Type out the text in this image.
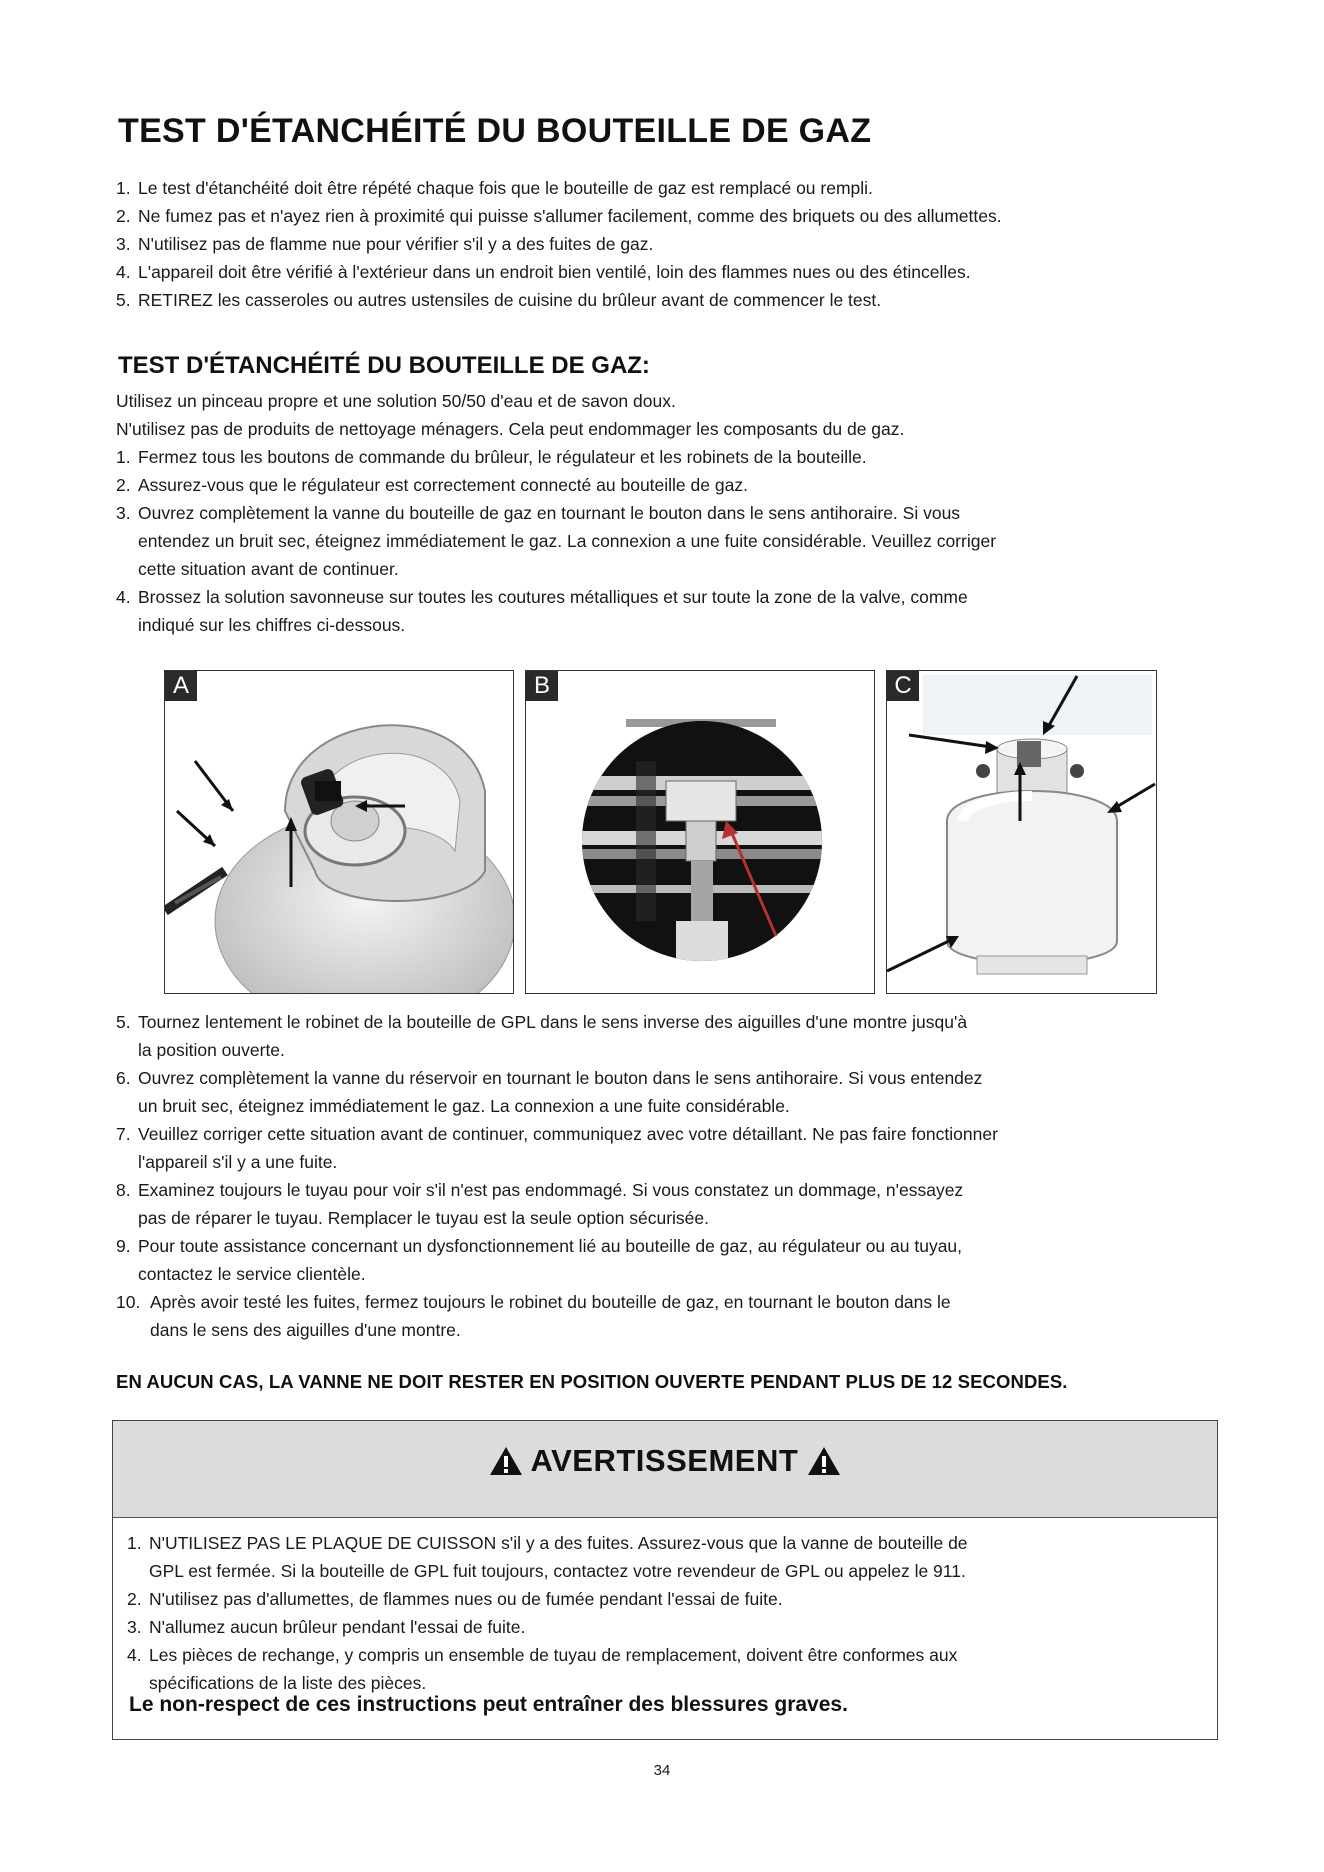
TEST D'ÉTANCHÉITÉ DU BOUTEILLE DE GAZ
1. Le test d'étanchéité doit être répété chaque fois que le bouteille de gaz est remplacé ou rempli.
2. Ne fumez pas et n'ayez rien à proximité qui puisse s'allumer facilement, comme des briquets ou des allumettes.
3. N'utilisez pas de flamme nue pour vérifier s'il y a des fuites de gaz.
4. L'appareil doit être vérifié à l'extérieur dans un endroit bien ventilé, loin des flammes nues ou des étincelles.
5. RETIREZ les casseroles ou autres ustensiles de cuisine du brûleur avant de commencer le test.
TEST D'ÉTANCHÉITÉ DU BOUTEILLE DE GAZ:

Utilisez un pinceau propre et une solution 50/50 d'eau et de savon doux.

N'utilisez pas de produits de nettoyage ménagers. Cela peut endommager les composants du de gaz.

1. Fermez tous les boutons de commande du brûleur, le régulateur et les robinets de la bouteille.
2. Assurez-vous que le régulateur est correctement connecté au bouteille de gaz.
3. Ouvrez complètement la vanne du bouteille de gaz en tournant le bouton dans le sens antihoraire. Si vous
entendez un bruit sec, éteignez immédiatement le gaz. La connexion a une fuite considérable. Veuillez corriger
cette situation avant de continuer.
4. Brossez la solution savonneuse sur toutes les coutures métalliques et sur toute la zone de la valve, comme
indiqué sur les chiffres ci-dessous.
A	B	C
5. Tournez lentement le robinet de la bouteille de GPL dans le sens inverse des aiguilles d'une montre jusqu'à
la position ouverte.
6. Ouvrez complètement la vanne du réservoir en tournant le bouton dans le sens antihoraire. Si vous entendez
un bruit sec, éteignez immédiatement le gaz. La connexion a une fuite considérable.
7. Veuillez corriger cette situation avant de continuer, communiquez avec votre détaillant. Ne pas faire fonctionner
l'appareil s'il y a une fuite.
8. Examinez toujours le tuyau pour voir s'il n'est pas endommagé. Si vous constatez un dommage, n'essayez
pas de réparer le tuyau. Remplacer le tuyau est la seule option sécurisée.
9. Pour toute assistance concernant un dysfonctionnement lié au bouteille de gaz, au régulateur ou au tuyau,
contactez le service clientèle.
10. Après avoir testé les fuites, fermez toujours le robinet du bouteille de gaz, en tournant le bouton dans le
dans le sens des aiguilles d'une montre.

EN AUCUN CAS, LA VANNE NE DOIT RESTER EN POSITION OUVERTE PENDANT PLUS DE 12 SECONDES.

AVERTISSEMENT
1. N'UTILISEZ PAS LE PLAQUE DE CUISSON s'il y a des fuites. Assurez-vous que la vanne de bouteille de
GPL est fermée. Si la bouteille de GPL fuit toujours, contactez votre revendeur de GPL ou appelez le 911.
2. N'utilisez pas d'allumettes, de flammes nues ou de fumée pendant l'essai de fuite.
3. N'allumez aucun brûleur pendant l'essai de fuite.
4. Les pièces de rechange, y compris un ensemble de tuyau de remplacement, doivent être conformes aux
spécifications de la liste des pièces.

Le non-respect de ces instructions peut entraîner des blessures graves.

34
